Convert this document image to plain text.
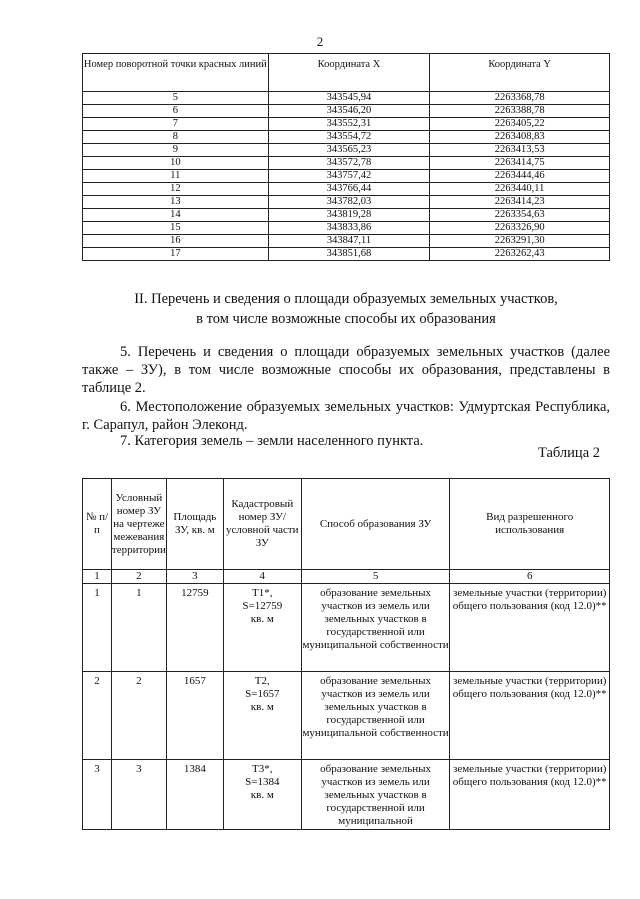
2
Номер поворотной точки красных линий	Координата X	Координата Y
5	343545,94	2263368,78
6	343546,20	2263388,78
7	343552,31	2263405,22
8	343554,72	2263408,83
9	343565,23	2263413,53
10	343572,78	2263414,75
11	343757,42	2263444,46
12	343766,44	2263440,11
13	343782,03	2263414,23
14	343819,28	2263354,63
15	343833,86	2263326,90
16	343847,11	2263291,30
17	343851,68	2263262,43
II. Перечень и сведения о площади образуемых земельных участков,
в том числе возможные способы их образования
5. Перечень и сведения о площади образуемых земельных участков (далее также – ЗУ), в том числе возможные способы их образования, представлены в таблице 2.
6. Местоположение образуемых земельных участков: Удмуртская Республика, г. Сарапул, район Элеконд.
7. Категория земель – земли населенного пункта.
Таблица 2
№ п/п	Условный номер ЗУ на чертеже межевания территории	Площадь ЗУ, кв. м	Кадастровый номер ЗУ/ условной части ЗУ	Способ образования ЗУ	Вид разрешенного использования
1	2	3	4	5	6
1	1	12759	Т1*,
S=12759
кв. м	образование земельных участков из земель или земельных участков в государственной или муниципальной собственности	земельные участки (территории) общего пользования (код 12.0)**
2	2	1657	Т2,
S=1657
кв. м	образование земельных участков из земель или земельных участков в государственной или муниципальной собственности	земельные участки (территории) общего пользования (код 12.0)**
3	3	1384	Т3*,
S=1384
кв. м	образование земельных участков из земель или земельных участков в государственной или муниципальной	земельные участки (территории) общего пользования (код 12.0)**
